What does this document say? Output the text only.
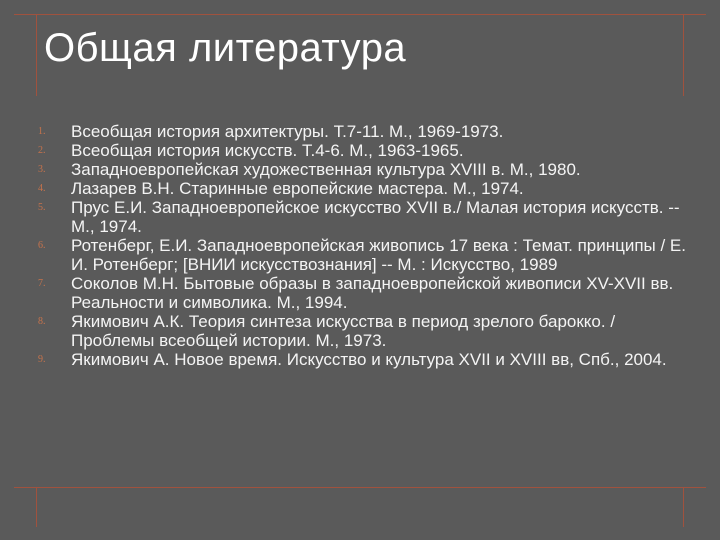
Общая литература
1. Всеобщая история архитектуры. Т.7-11. М., 1969-1973.
2. Всеобщая история искусств. Т.4-6. М., 1963-1965.
3. Западноевропейская художественная культура XVIII в. М., 1980.
4. Лазарев В.Н. Старинные европейские мастера. М., 1974.
5. Прус Е.И. Западноевропейское искусство XVII в./ Малая история искусств. -- М., 1974.
6. Ротенберг, Е.И. Западноевропейская живопись 17 века : Темат. принципы / Е. И. Ротенберг; [ВНИИ искусствознания] -- М. : Искусство, 1989
7. Соколов М.Н. Бытовые образы в западноевропейской живописи XV-XVII вв. Реальности и символика. М., 1994.
8. Якимович А.К. Теория синтеза искусства в период зрелого барокко. / Проблемы всеобщей истории. М., 1973.
9. Якимович А. Новое время. Искусство и культура XVII и XVIII вв, Спб., 2004.
